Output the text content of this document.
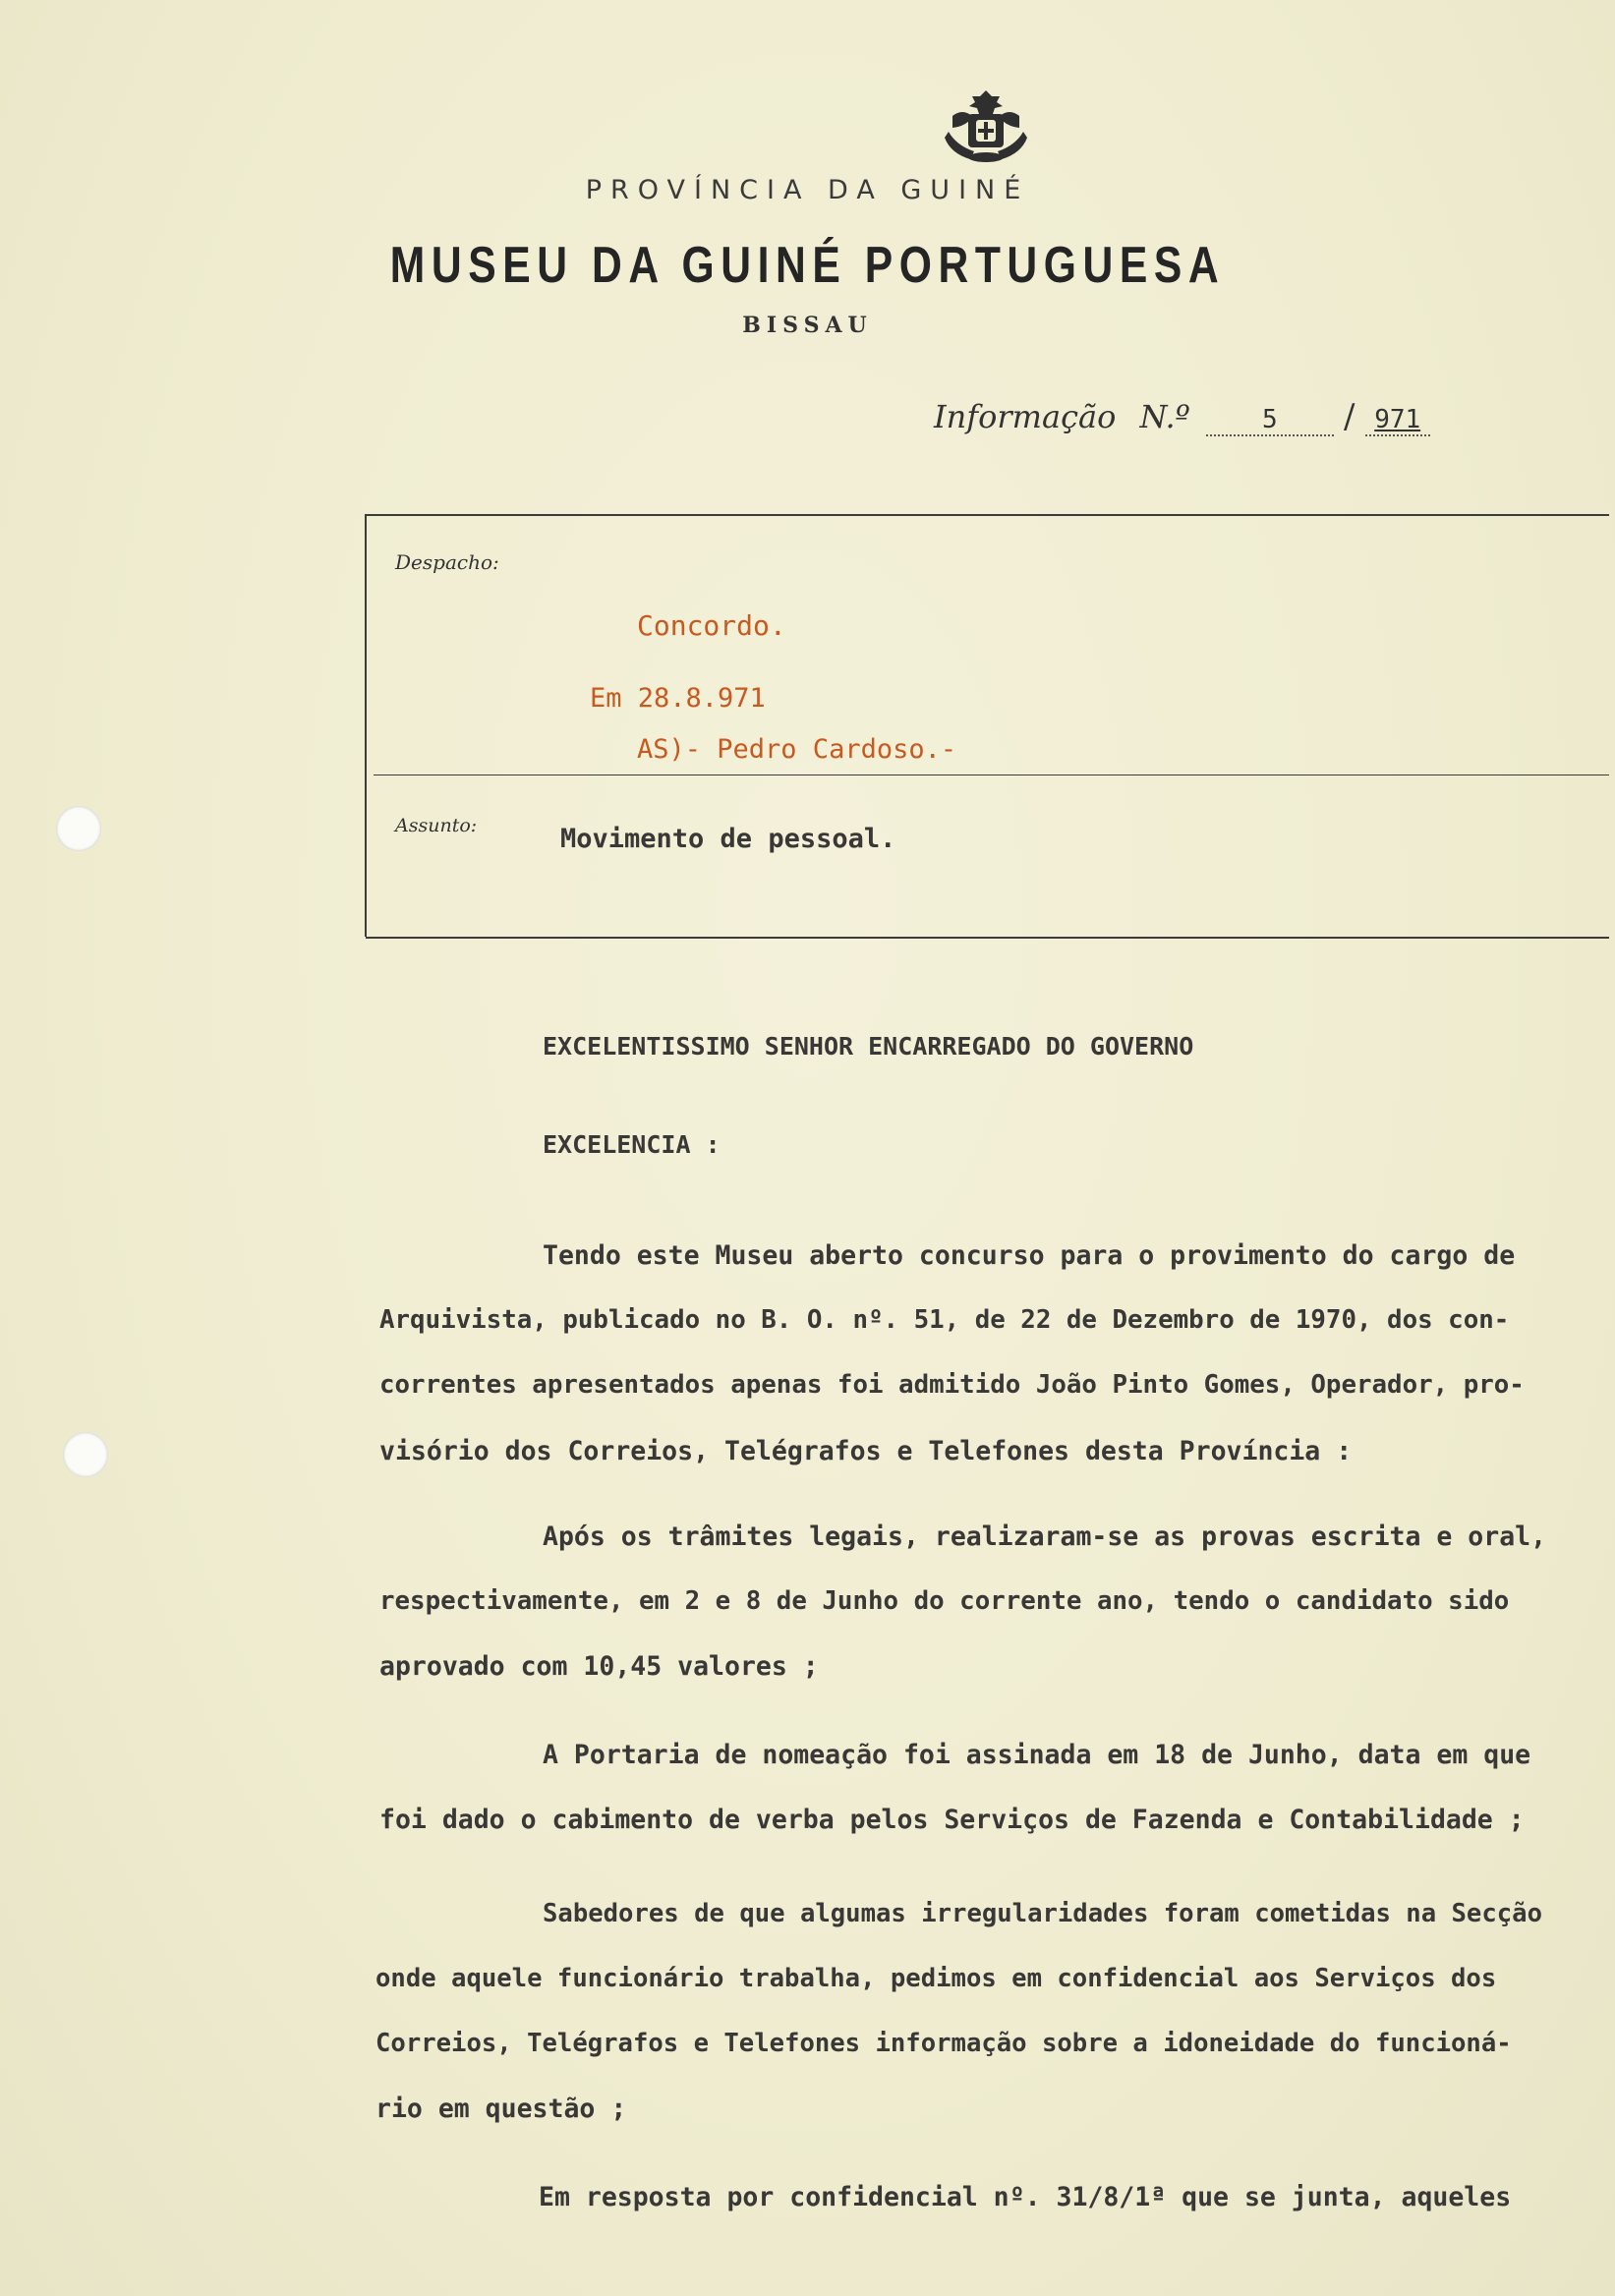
PROVÍNCIA DA GUINÉ
MUSEU DA GUINÉ PORTUGUESA
BISSAU
Informação N.º	5 / 971
Despacho:
Concordo.
Em 28.8.971
AS)- Pedro Cardoso.-
Assunto:	Movimento de pessoal.
EXCELENTISSIMO SENHOR ENCARREGADO DO GOVERNO
EXCELENCIA :
Tendo este Museu aberto concurso para o provimento do cargo de
Arquivista, publicado no B. O. nº. 51, de 22 de Dezembro de 1970, dos con-
correntes apresentados apenas foi admitido João Pinto Gomes, Operador, pro-
visório dos Correios, Telégrafos e Telefones desta Província :
Após os trâmites legais, realizaram-se as provas escrita e oral,
respectivamente, em 2 e 8 de Junho do corrente ano, tendo o candidato sido
aprovado com 10,45 valores ;
A Portaria de nomeação foi assinada em 18 de Junho, data em que
foi dado o cabimento de verba pelos Serviços de Fazenda e Contabilidade ;
Sabedores de que algumas irregularidades foram cometidas na Secção
onde aquele funcionário trabalha, pedimos em confidencial aos Serviços dos
Correios, Telégrafos e Telefones informação sobre a idoneidade do funcioná-
rio em questão ;
Em resposta por confidencial nº. 31/8/1ª que se junta, aqueles
